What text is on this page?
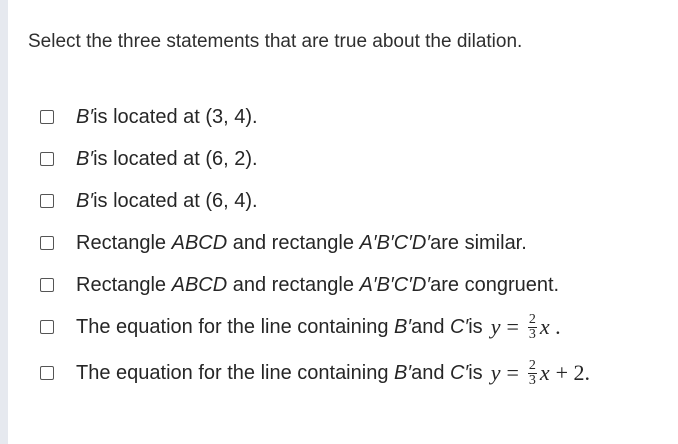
Select the three statements that are true about the dilation.
B′ is located at (3, 4).
B′ is located at (6, 2).
B′ is located at (6, 4).
Rectangle ABCD and rectangle A′B′C′D′ are similar.
Rectangle ABCD and rectangle A′B′C′D′ are congruent.
The equation for the line containing B′ and C′ is $y = \frac{2}{3}$ x .
The equation for the line containing B′ and C′ is $y = \frac{2}{3}$ x + 2.
